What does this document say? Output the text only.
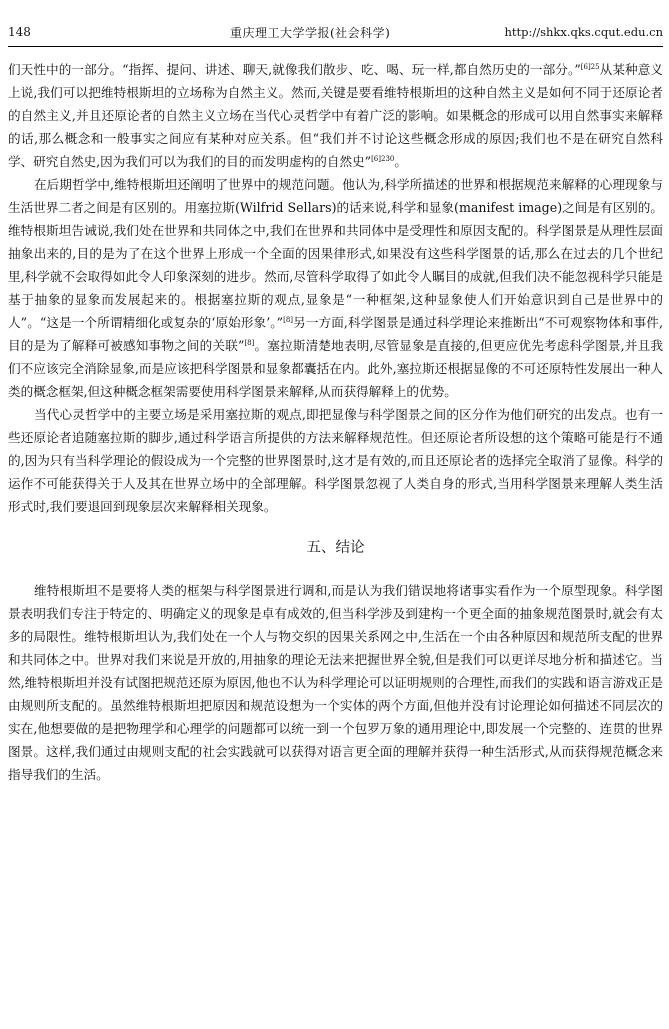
148	重庆理工大学学报(社会科学)	http://shkx.qks.cqut.edu.cn

们天性中的一部分。“指挥、提问、讲述、聊天,就像我们散步、吃、喝、玩一样,都自然历史的一部分。”$^{[6]25}$从某种意义上说,我们可以把维特根斯坦的立场称为自然主义。然而,关键是要看维特根斯坦的这种自然主义是如何不同于还原论者的自然主义,并且还原论者的自然主义立场在当代心灵哲学中有着广泛的影响。如果概念的形成可以用自然事实来解释的话,那么概念和一般事实之间应有某种对应关系。但“我们并不讨论这些概念形成的原因;我们也不是在研究自然科学、研究自然史,因为我们可以为我们的目的而发明虚构的自然史”$^{[6]230}$。

在后期哲学中,维特根斯坦还阐明了世界中的规范问题。他认为,科学所描述的世界和根据规范来解释的心理现象与生活世界二者之间是有区别的。用塞拉斯(Wilfrid Sellars)的话来说,科学和显象(manifest image)之间是有区别的。维特根斯坦告诫说,我们处在世界和共同体之中,我们在世界和共同体中是受理性和原因支配的。科学图景是从理性层面抽象出来的,目的是为了在这个世界上形成一个全面的因果律形式,如果没有这些科学图景的话,那么在过去的几个世纪里,科学就不会取得如此令人印象深刻的进步。然而,尽管科学取得了如此令人瞩目的成就,但我们决不能忽视科学只能是基于抽象的显象而发展起来的。根据塞拉斯的观点,显象是“一种框架,这种显象使人们开始意识到自己是世界中的人”。“这是一个所谓精细化或复杂的‘原始形象’。”[8]另一方面,科学图景是通过科学理论来推断出“不可观察物体和事件,目的是为了解释可被感知事物之间的关联”[8]。塞拉斯清楚地表明,尽管显象是直接的,但更应优先考虑科学图景,并且我们不应该完全消除显象,而是应该把科学图景和显象都囊括在内。此外,塞拉斯还根据显像的不可还原特性发展出一种人类的概念框架,但这种概念框架需要使用科学图景来解释,从而获得解释上的优势。

当代心灵哲学中的主要立场是采用塞拉斯的观点,即把显像与科学图景之间的区分作为他们研究的出发点。也有一些还原论者追随塞拉斯的脚步,通过科学语言所提供的方法来解释规范性。但还原论者所设想的这个策略可能是行不通的,因为只有当科学理论的假设成为一个完整的世界图景时,这才是有效的,而且还原论者的选择完全取消了显像。科学的运作不可能获得关于人及其在世界立场中的全部理解。科学图景忽视了人类自身的形式,当用科学图景来理解人类生活形式时,我们要退回到现象层次来解释相关现象。

五、结论

维特根斯坦不是要将人类的框架与科学图景进行调和,而是认为我们错误地将诸事实看作为一个原型现象。科学图景表明我们专注于特定的、明确定义的现象是卓有成效的,但当科学涉及到建构一个更全面的抽象规范图景时,就会有太多的局限性。维特根斯坦认为,我们处在一个人与物交织的因果关系网之中,生活在一个由各种原因和规范所支配的世界和共同体之中。世界对我们来说是开放的,用抽象的理论无法来把握世界全貌,但是我们可以更详尽地分析和描述它。当然,维特根斯坦并没有试图把规范还原为原因,他也不认为科学理论可以证明规则的合理性,而我们的实践和语言游戏正是由规则所支配的。虽然维特根斯坦把原因和规范设想为一个实体的两个方面,但他并没有讨论理论如何描述不同层次的实在,他想要做的是把物理学和心理学的问题都可以统一到一个包罗万象的通用理论中,即发展一个完整的、连贯的世界图景。这样,我们通过由规则支配的社会实践就可以获得对语言更全面的理解并获得一种生活形式,从而获得规范概念来指导我们的生活。
